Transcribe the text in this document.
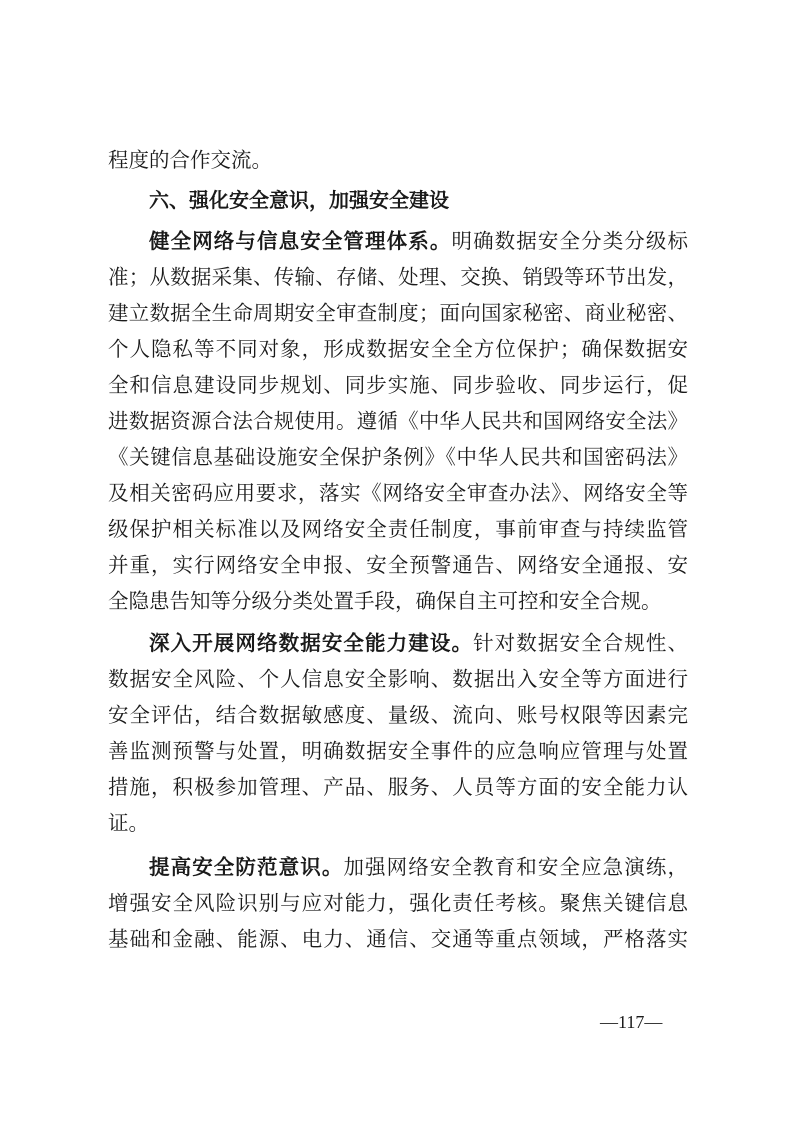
程度的合作交流。
六、强化安全意识，加强安全建设
健全网络与信息安全管理体系。明确数据安全分类分级标
准；从数据采集、传输、存储、处理、交换、销毁等环节出发，
建立数据全生命周期安全审查制度；面向国家秘密、商业秘密、
个人隐私等不同对象，形成数据安全全方位保护；确保数据安
全和信息建设同步规划、同步实施、同步验收、同步运行，促
进数据资源合法合规使用。遵循《中华人民共和国网络安全法》
《关键信息基础设施安全保护条例》《中华人民共和国密码法》
及相关密码应用要求，落实《网络安全审查办法》、网络安全等
级保护相关标准以及网络安全责任制度，事前审查与持续监管
并重，实行网络安全申报、安全预警通告、网络安全通报、安
全隐患告知等分级分类处置手段，确保自主可控和安全合规。
深入开展网络数据安全能力建设。针对数据安全合规性、
数据安全风险、个人信息安全影响、数据出入安全等方面进行
安全评估，结合数据敏感度、量级、流向、账号权限等因素完
善监测预警与处置，明确数据安全事件的应急响应管理与处置
措施，积极参加管理、产品、服务、人员等方面的安全能力认
证。
提高安全防范意识。加强网络安全教育和安全应急演练，
增强安全风险识别与应对能力，强化责任考核。聚焦关键信息
基础和金融、能源、电力、通信、交通等重点领域，严格落实
—117—
